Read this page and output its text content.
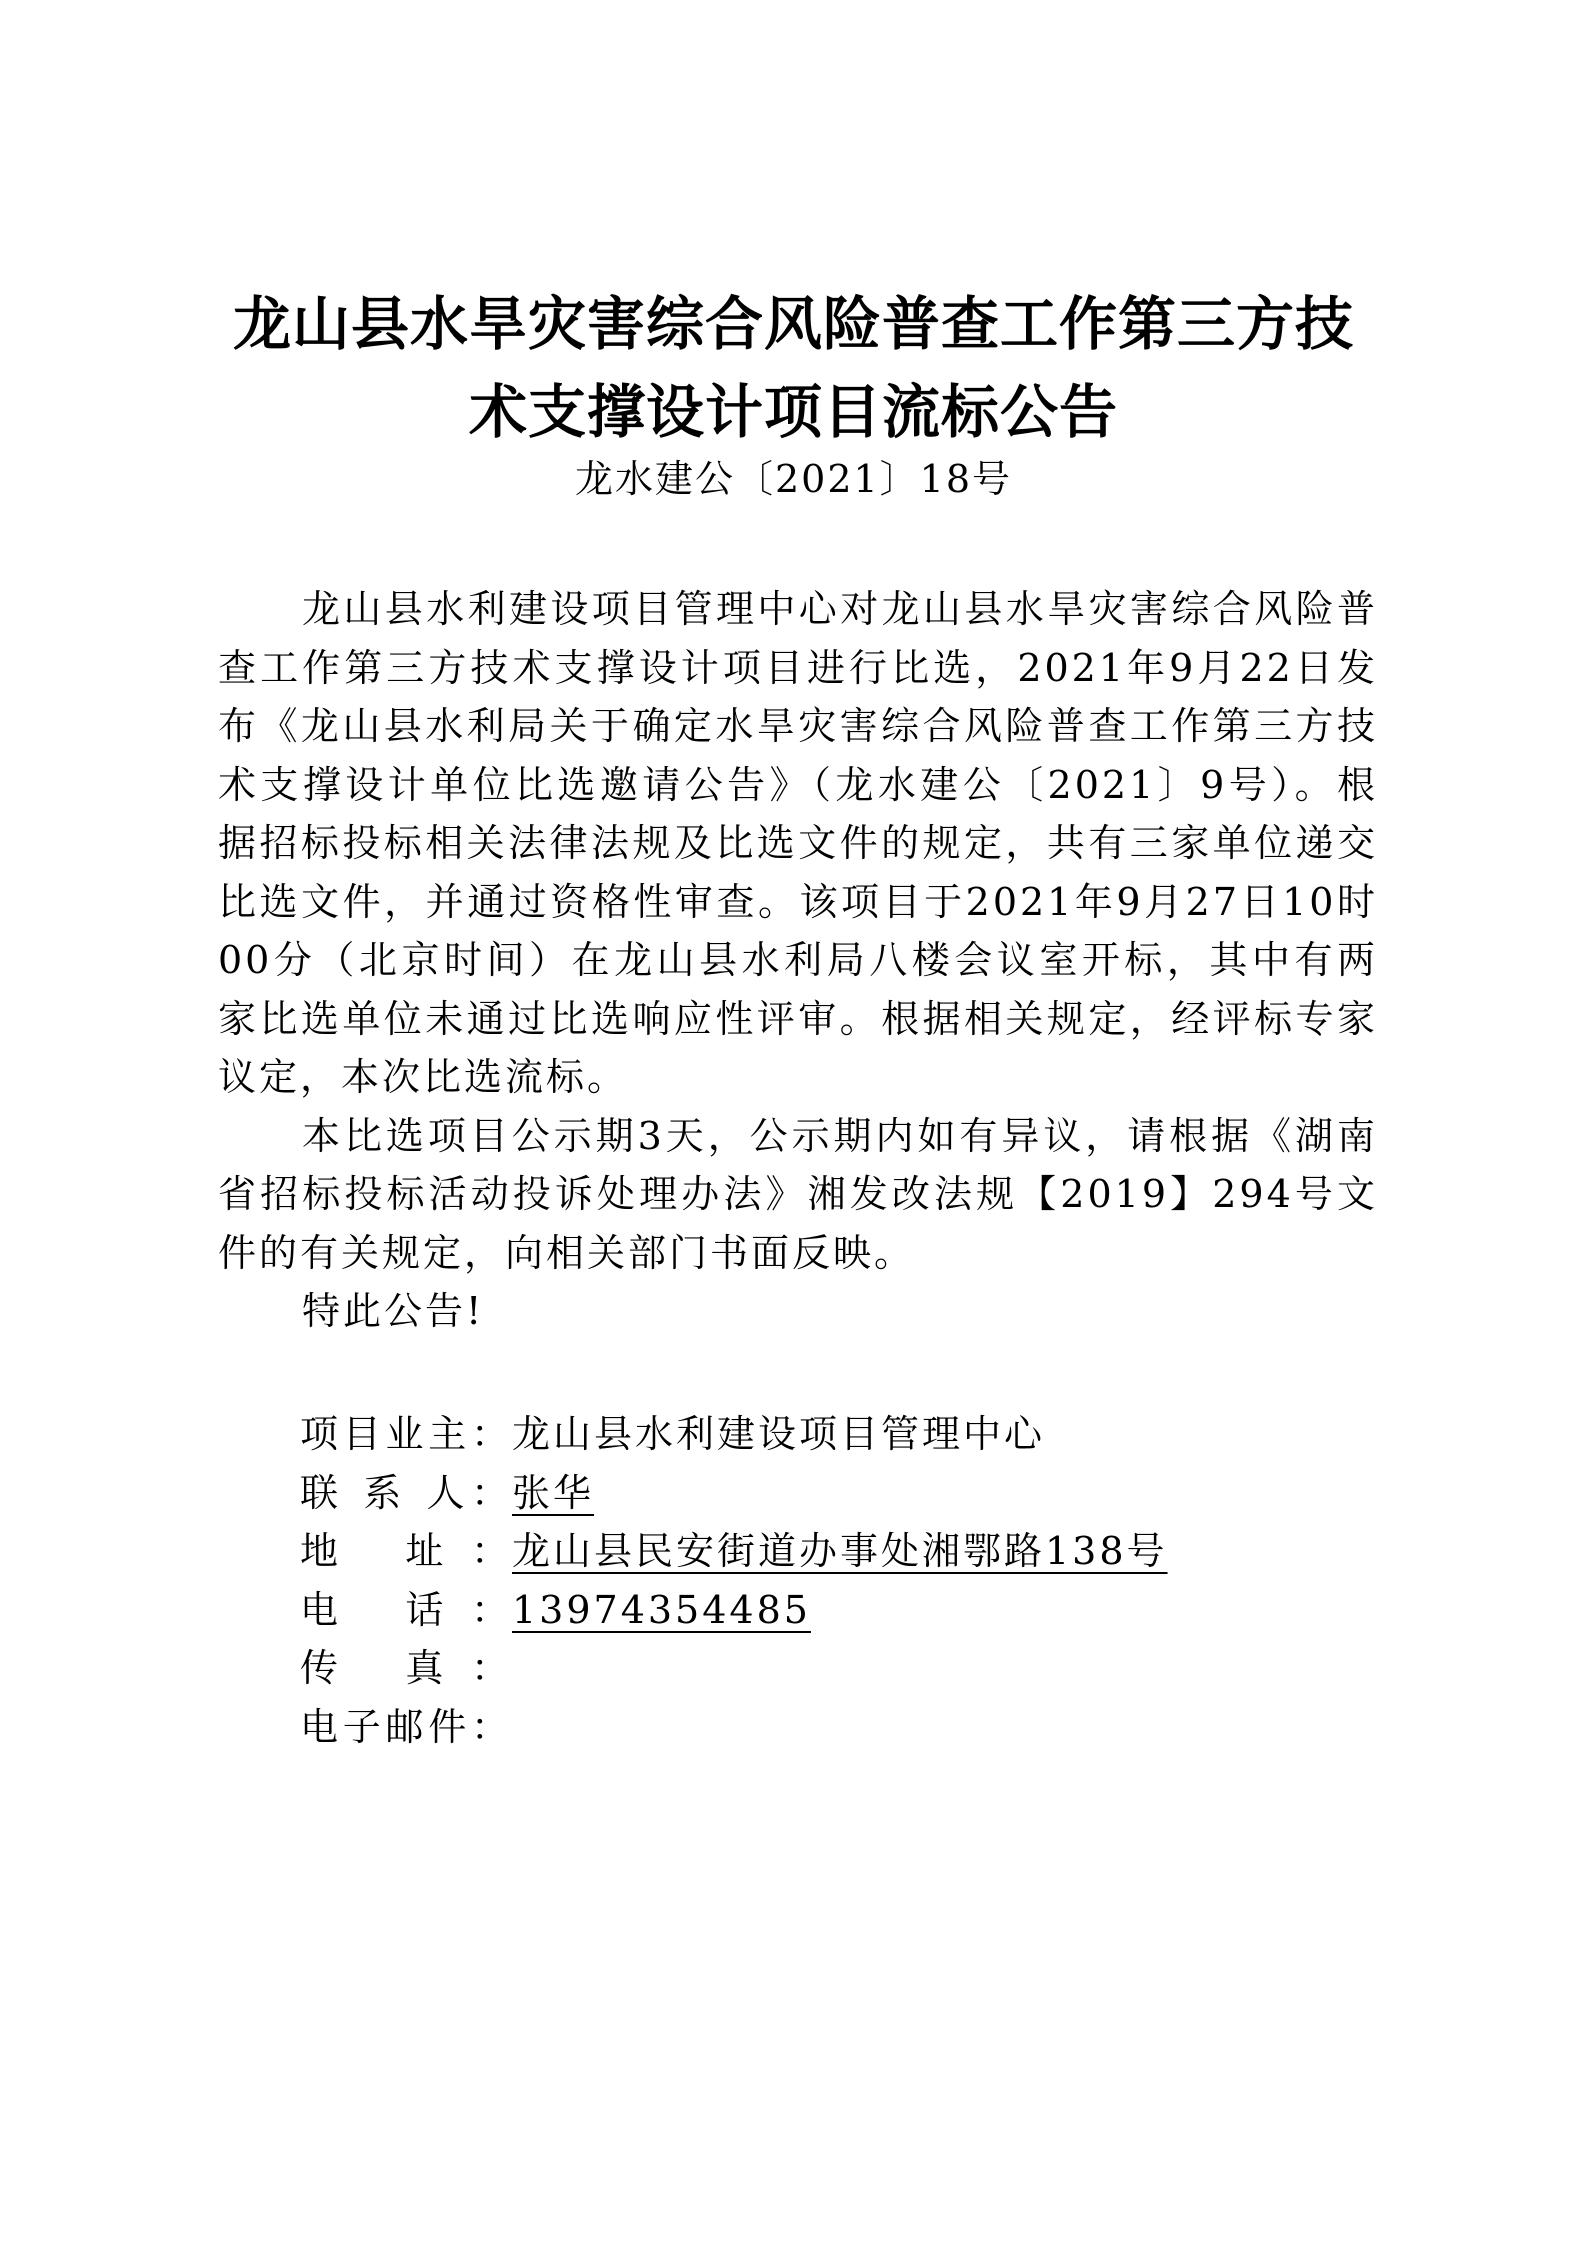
龙山县水旱灾害综合风险普查工作第三方技
术支撑设计项目流标公告
龙水建公〔2021〕18号

龙山县水利建设项目管理中心对龙山县水旱灾害综合风险普查工作第三方技术支撑设计项目进行比选，2021年9月22日发布《龙山县水利局关于确定水旱灾害综合风险普查工作第三方技术支撑设计单位比选邀请公告》（龙水建公〔2021〕9号）。根据招标投标相关法律法规及比选文件的规定，共有三家单位递交比选文件，并通过资格性审查。该项目于2021年9月27日10时00分（北京时间）在龙山县水利局八楼会议室开标，其中有两家比选单位未通过比选响应性评审。根据相关规定，经评标专家议定，本次比选流标。

本比选项目公示期3天，公示期内如有异议，请根据《湖南省招标投标活动投诉处理办法》湘发改法规【2019】294号文件的有关规定，向相关部门书面反映。

特此公告!

项目业主： 龙山县水利建设项目管理中心
联 系 人： 张华
地 址： 龙山县民安街道办事处湘鄂路138号
电 话： 13974354485
传 真：
电子邮件：
